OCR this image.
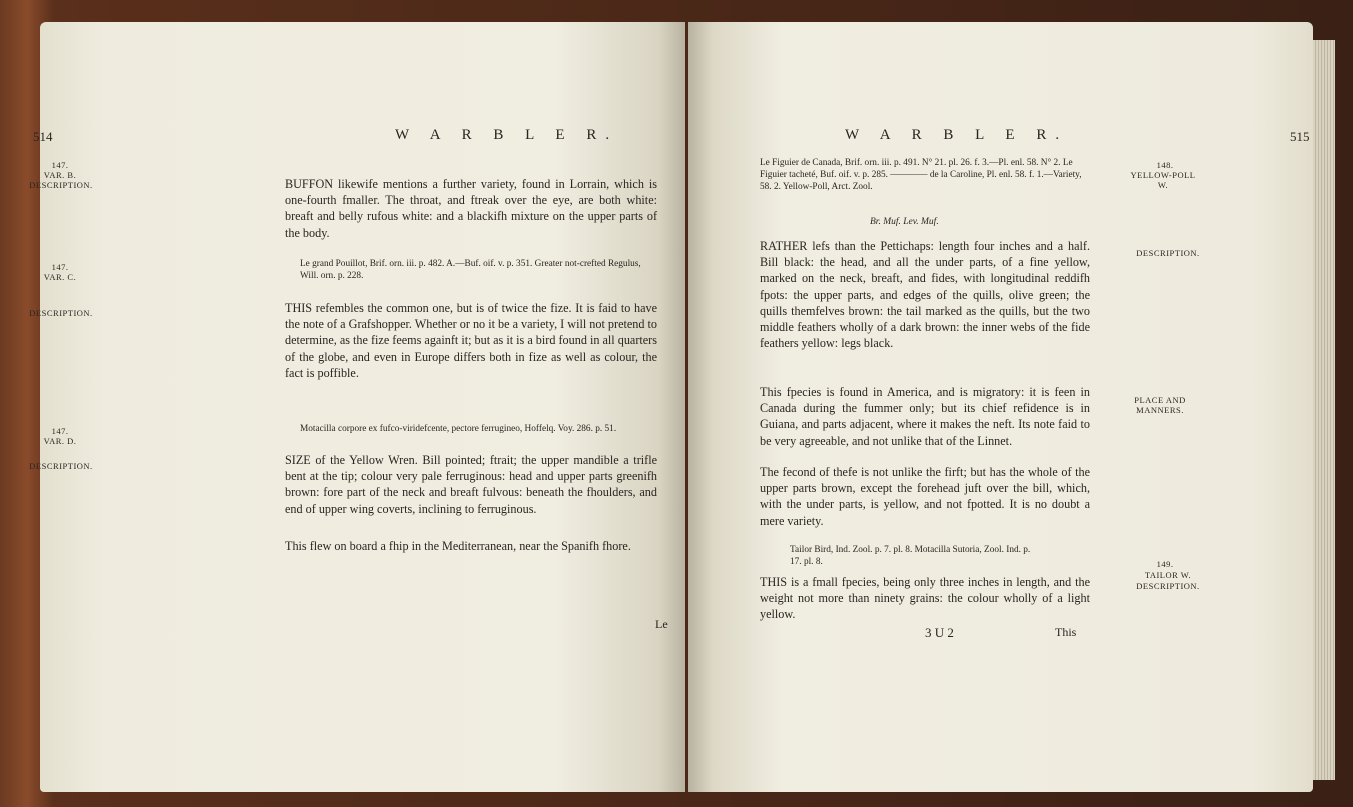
514	W A R B L E R.
147.
VAR. B.
DESCRIPTION.	BUFFON likewife mentions a further variety, found in Lorrain, which is one-fourth fmaller. The throat, and ftreak over the eye, are both white: breaft and belly rufous white: and a blackifh mixture on the upper parts of the body.
147.
VAR. C.
Le grand Pouillot, Brif. orn. iii. p. 482. A.—Buf. oif. v. p. 351. Greater not-crefted Regulus, Will. orn. p. 228.
DESCRIPTION.	THIS refembles the common one, but is of twice the fize. It is faid to have the note of a Grafshopper. Whether or no it be a variety, I will not pretend to determine, as the fize feems againft it; but as it is a bird found in all quarters of the globe, and even in Europe differs both in fize as well as colour, the fact is poffible.
147.
VAR. D.
Motacilla corpore ex fufco-viridefcente, pectore ferrugineo, Hoffelq. Voy. 286. p. 51.
DESCRIPTION.	SIZE of the Yellow Wren. Bill pointed; ftrait; the upper mandible a trifle bent at the tip; colour very pale ferruginous: head and upper parts greenifh brown: fore part of the neck and breaft fulvous: beneath the fhoulders, and end of upper wing coverts, inclining to ferruginous.
This flew on board a fhip in the Mediterranean, near the Spanifh fhore.
Le
W A R B L E R.	515
Le Figuier de Canada, Brif. orn. iii. p. 491. N° 21. pl. 26. f. 3.—Pl. enl. 58. N° 2. Le Figuier tacheté, Buf. oif. v. p. 285. ———— de la Caroline, Pl. enl. 58. f. 1.—Variety, 58. 2. Yellow-Poll, Arct. Zool.
Br. Muf. Lev. Muf.
148.
YELLOW-POLL W.
RATHER lefs than the Pettichaps: length four inches and a half. Bill black: the head, and all the under parts, of a fine yellow, marked on the neck, breaft, and fides, with longitudinal reddifh fpots: the upper parts, and edges of the quills, olive green; the quills themfelves brown: the tail marked as the quills, but the two middle feathers wholly of a dark brown: the inner webs of the fide feathers yellow: legs black.
DESCRIPTION.
This fpecies is found in America, and is migratory: it is feen in Canada during the fummer only; but its chief refidence is in Guiana, and parts adjacent, where it makes the neft. Its note faid to be very agreeable, and not unlike that of the Linnet.
PLACE AND MANNERS.
The fecond of thefe is not unlike the firft; but has the whole of the upper parts brown, except the forehead juft over the bill, which, with the under parts, is yellow, and not fpotted. It is no doubt a mere variety.
Tailor Bird, Ind. Zool. p. 7. pl. 8. Motacilla Sutoria, Zool. Ind. p. 17. pl. 8.	149.
TAILOR W.
THIS is a fmall fpecies, being only three inches in length, and the weight not more than ninety grains: the colour wholly of a light yellow.
DESCRIPTION.
3 U 2	This
